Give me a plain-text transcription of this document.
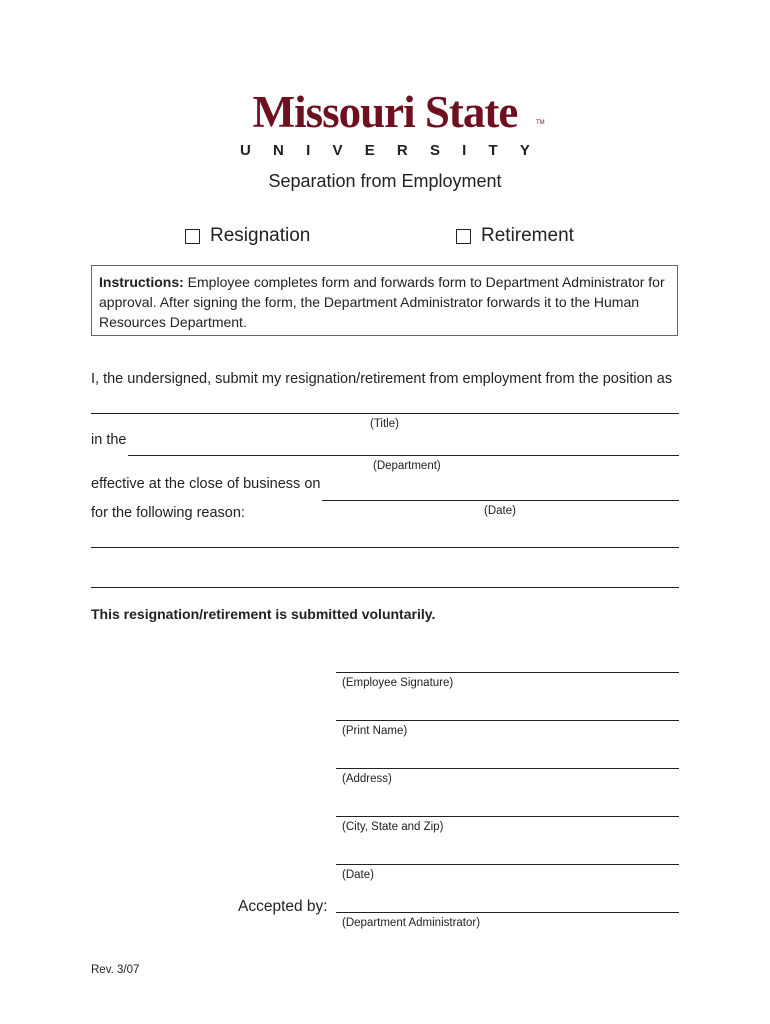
Missouri State	TM
U N I V E R S I T Y
Separation from Employment
Resignation	Retirement
Instructions: Employee completes form and forwards form to Department Administrator for approval. After signing the form, the Department Administrator forwards it to the Human Resources Department.
I, the undersigned, submit my resignation/retirement from employment from the position as
(Title)
in the
(Department)
effective at the close of business on
(Date)
for the following reason:
This resignation/retirement is submitted voluntarily.
(Employee Signature)
(Print Name)
(Address)
(City, State and Zip)
(Date)
Accepted by:
(Department Administrator)
Rev. 3/07
